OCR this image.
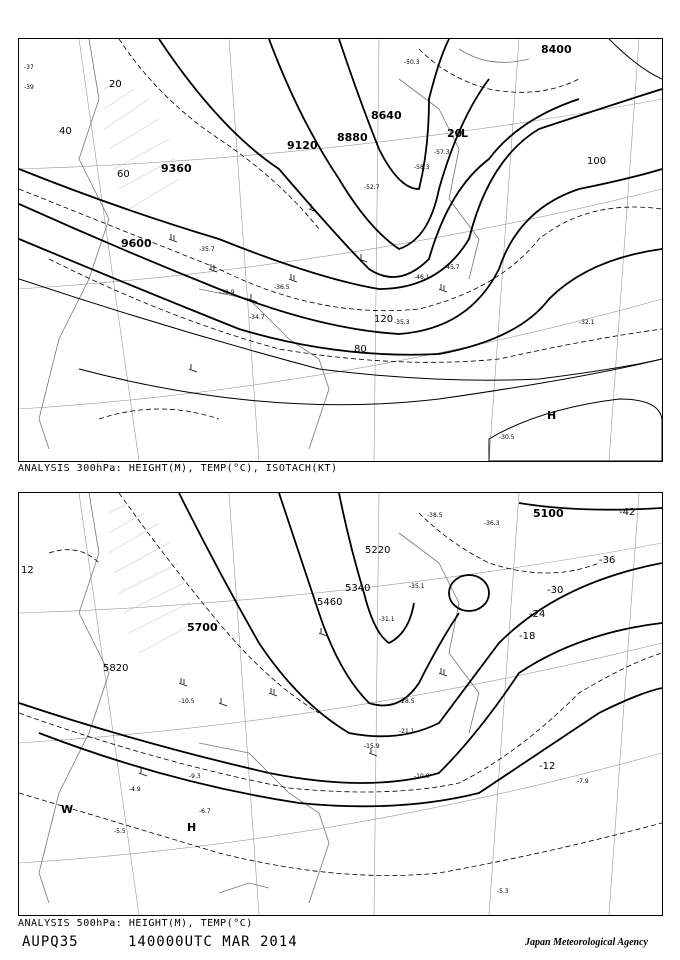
8400
8640
8880
9120
9360
9600
20
40
60
80
100
120
-30.5
-32.1
-33.9
-34.7
-35.3
-35.7
-36.5
-37
-39
-45.7
-46.1
-50.3
-52.7
-57.3
-58.3
20
L
H
ANALYSIS 300hPa: HEIGHT(M), TEMP(°C), ISOTACH(KT)
5100
5220
5340
5460
5700
5820
-42
-36
-30
-24
-18
-12
12
-38.5
-36.3
-35.1
-31.1
-28.5
-21.1
-15.9
-10.9
-10.5
-9.3
-7.9
-6.7
-5.5
-4.9
-5.3
W
H
ANALYSIS 500hPa: HEIGHT(M), TEMP(°C)
AUPQ35	140000UTC MAR 2014	Japan Meteorological Agency
